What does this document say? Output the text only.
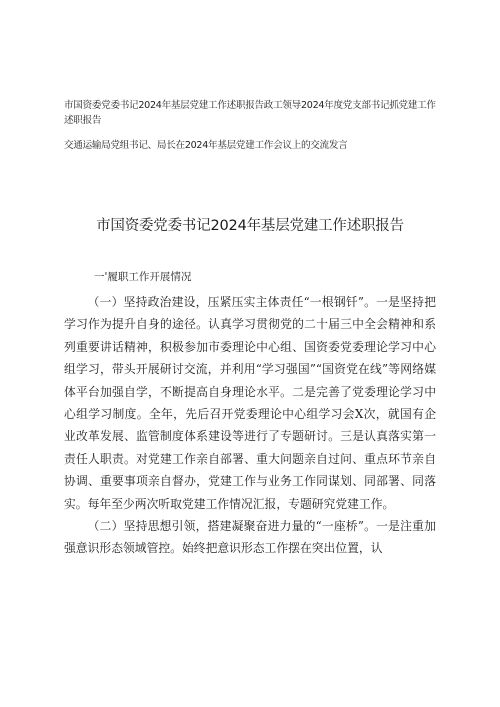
市国资委党委书记2024年基层党建工作述职报告政工领导2024年度党支部书记抓党建工作述职报告
交通运输局党组书记、局长在2024年基层党建工作会议上的交流发言
市国资委党委书记2024年基层党建工作述职报告
一'履职工作开展情况

（一）坚持政治建设，压紧压实主体责任“一根钢钎”。一是坚持把学习作为提升自身的途径。认真学习贯彻党的二十届三中全会精神和系列重要讲话精神，积极参加市委理论中心组、国资委党委理论学习中心组学习，带头开展研讨交流，并利用“学习强国”“国资党在线”等网络媒体平台加强自学，不断提高自身理论水平。二是完善了党委理论学习中心组学习制度。全年，先后召开党委理论中心组学习会X次，就国有企业改革发展、监管制度体系建设等进行了专题研讨。三是认真落实第一责任人职责。对党建工作亲自部署、重大问题亲自过问、重点环节亲自协调、重要事项亲自督办，党建工作与业务工作同谋划、同部署、同落实。每年至少两次听取党建工作情况汇报，专题研究党建工作。

（二）坚持思想引领，搭建凝聚奋进力量的“一座桥”。一是注重加强意识形态领域管控。始终把意识形态工作摆在突出位置，认
